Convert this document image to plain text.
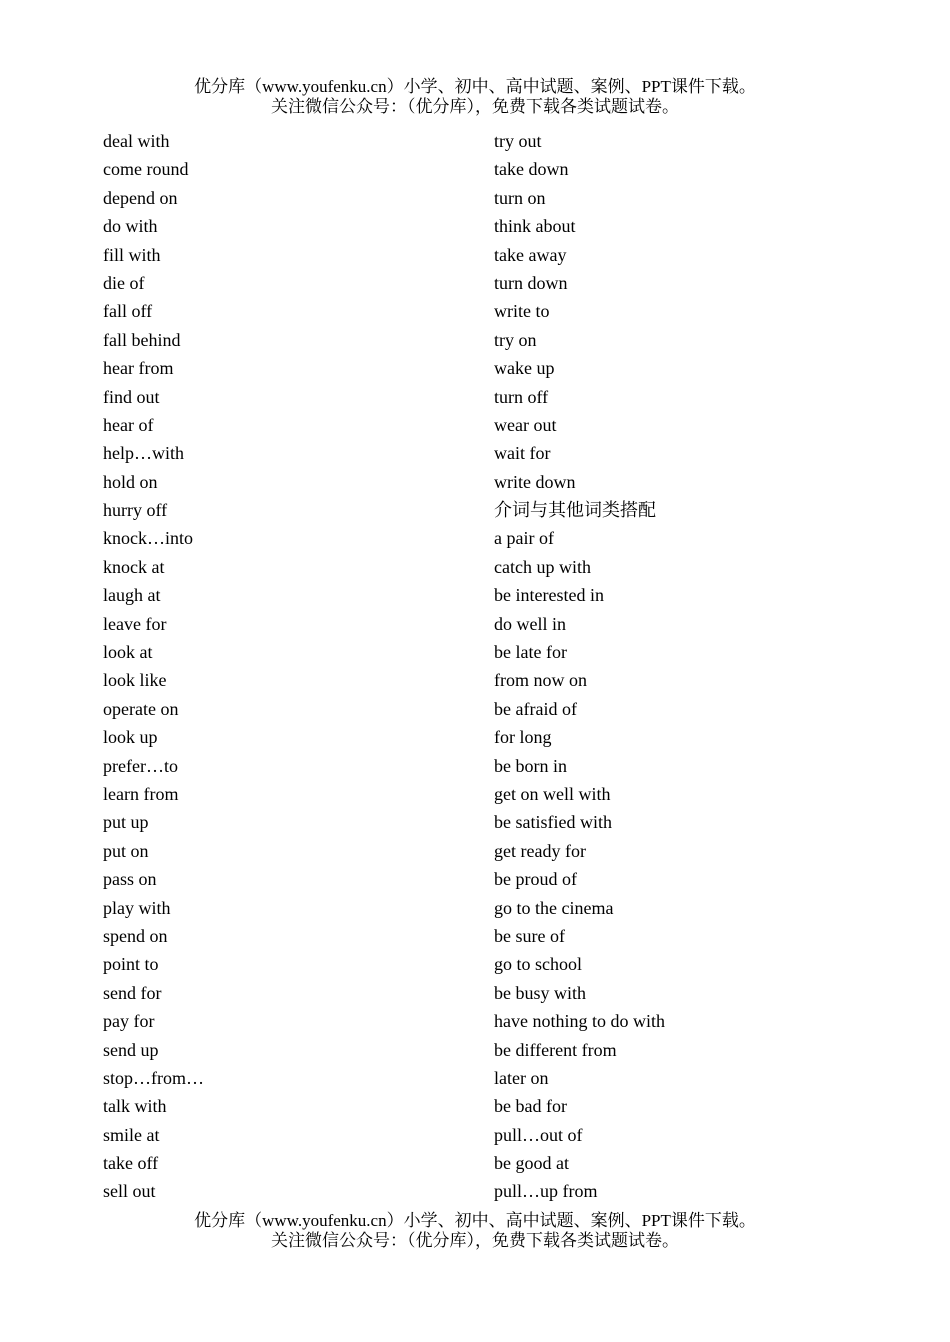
优分库（www.youfenku.cn）小学、初中、高中试题、案例、PPT课件下载。
关注微信公众号：（优分库），免费下载各类试题试卷。
deal with
come round
depend on
do with
fill with
die of
fall off
fall behind
hear from
find out
hear of
help…with
hold on
hurry off
knock…into
knock at
laugh at
leave for
look at
look like
operate on
look up
prefer…to
learn from
put up
put on
pass on
play with
spend on
point to
send for
pay for
send up
stop…from…
talk with
smile at
take off
sell out
try out
take down
turn on
think about
take away
turn down
write to
try on
wake up
turn off
wear out
wait for
write down
介词与其他词类搭配
a pair of
catch up with
be interested in
do well in
be late for
from now on
be afraid of
for long
be born in
get on well with
be satisfied with
get ready for
be proud of
go to the cinema
be sure of
go to school
be busy with
have nothing to do with
be different from
later on
be bad for
pull…out of
be good at
pull…up from
优分库（www.youfenku.cn）小学、初中、高中试题、案例、PPT课件下载。
关注微信公众号：（优分库），免费下载各类试题试卷。
